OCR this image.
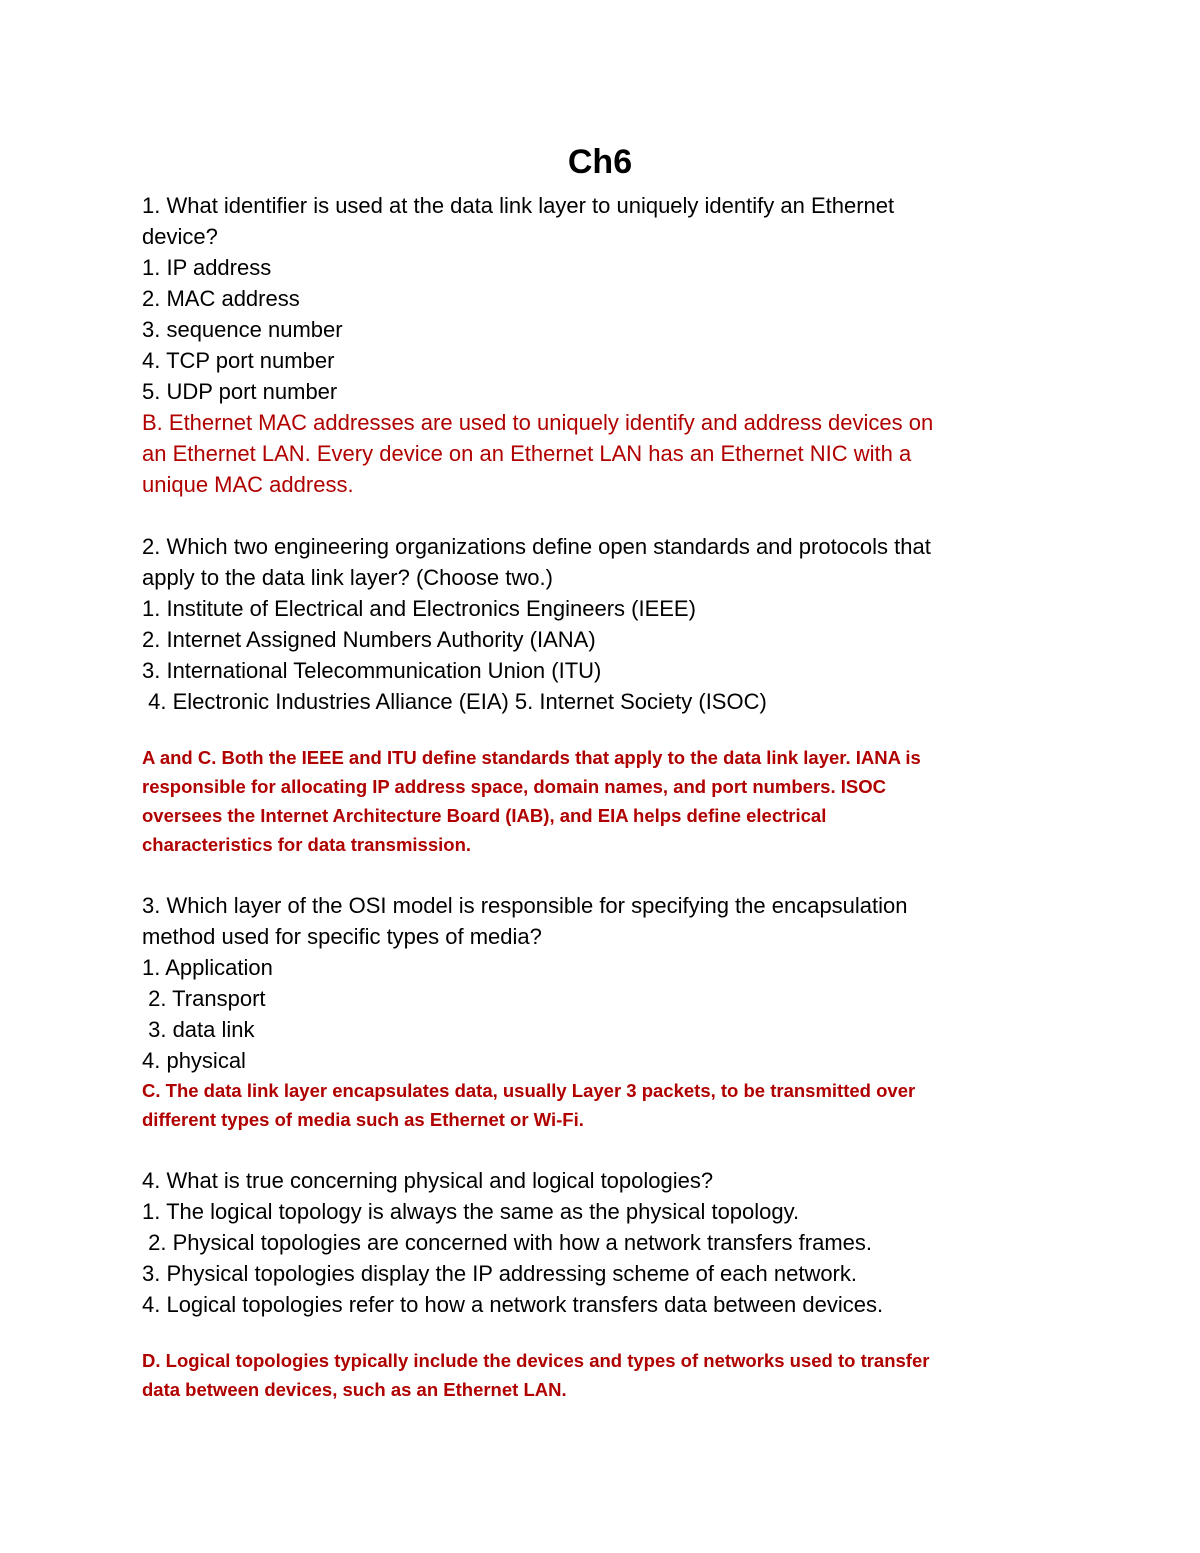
Ch6

1. What identifier is used at the data link layer to uniquely identify an Ethernet

device?

1. IP address

2. MAC address

3. sequence number

4. TCP port number

5. UDP port number

B. Ethernet MAC addresses are used to uniquely identify and address devices on

an Ethernet LAN. Every device on an Ethernet LAN has an Ethernet NIC with a

unique MAC address.

2. Which two engineering organizations define open standards and protocols that

apply to the data link layer? (Choose two.)

1. Institute of Electrical and Electronics Engineers (IEEE)

2. Internet Assigned Numbers Authority (IANA)

3. International Telecommunication Union (ITU)

4. Electronic Industries Alliance (EIA) 5. Internet Society (ISOC)

A and C. Both the IEEE and ITU define standards that apply to the data link layer. IANA is

responsible for allocating IP address space, domain names, and port numbers. ISOC

oversees the Internet Architecture Board (IAB), and EIA helps define electrical

characteristics for data transmission.

3. Which layer of the OSI model is responsible for specifying the encapsulation

method used for specific types of media?

1. Application

2. Transport

3. data link

4. physical

C. The data link layer encapsulates data, usually Layer 3 packets, to be transmitted over

different types of media such as Ethernet or Wi-Fi.

4. What is true concerning physical and logical topologies?

1. The logical topology is always the same as the physical topology.

2. Physical topologies are concerned with how a network transfers frames.

3. Physical topologies display the IP addressing scheme of each network.

4. Logical topologies refer to how a network transfers data between devices.

D. Logical topologies typically include the devices and types of networks used to transfer

data between devices, such as an Ethernet LAN.
